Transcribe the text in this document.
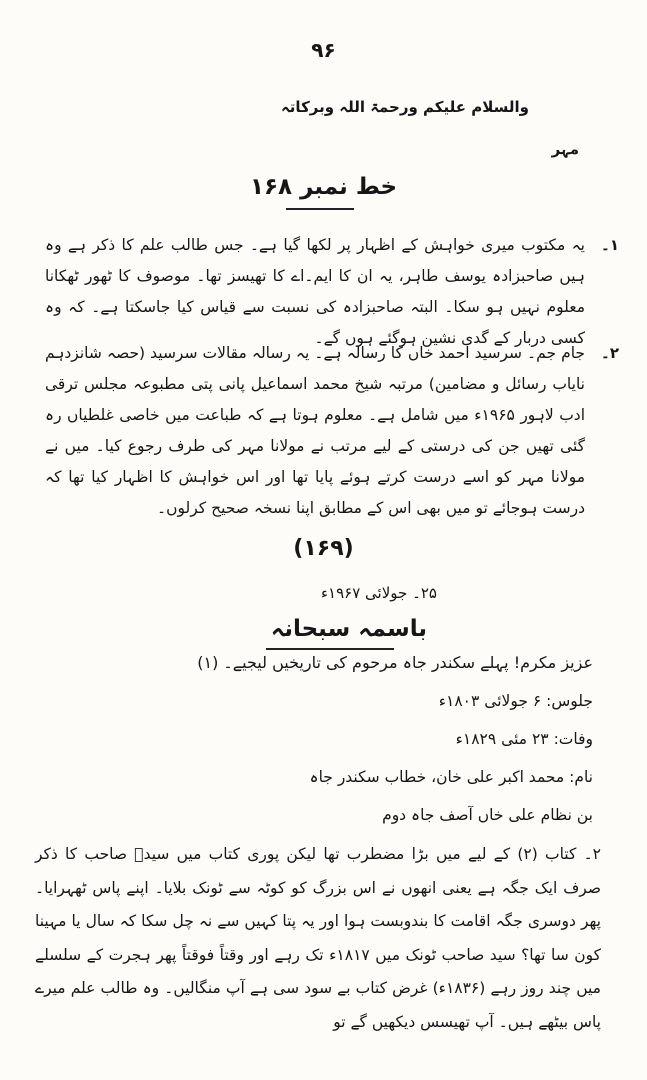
۹۶
والسلام علیکم ورحمۃ اللہ وبرکاتہ
مہر
خط نمبر ۱۶۸
۱۔
یہ مکتوب میری خواہش کے اظہار پر لکھا گیا ہے۔ جس طالب علم کا ذکر ہے وہ ہیں صاحبزادہ یوسف طاہر، یہ ان کا ایم۔اے کا تھیسز تھا۔ موصوف کا ٹھور ٹھکانا معلوم نہیں ہو سکا۔ البتہ صاحبزادہ کی نسبت سے قیاس کیا جاسکتا ہے۔ کہ وہ کسی دربار کے گدی نشین ہوگئے ہوں گے۔
۲۔
جام جم۔ سرسید احمد خاں کا رسالہ ہے۔ یہ رسالہ مقالات سرسید (حصہ شانزدہم نایاب رسائل و مضامین) مرتبہ شیخ محمد اسماعیل پانی پتی مطبوعہ مجلس ترقی ادب لاہور ۱۹۶۵ء میں شامل ہے۔ معلوم ہوتا ہے کہ طباعت میں خاصی غلطیاں رہ گئی تھیں جن کی درستی کے لیے مرتب نے مولانا مہر کی طرف رجوع کیا۔ میں نے مولانا مہر کو اسے درست کرتے ہوئے پایا تھا اور اس خواہش کا اظہار کیا تھا کہ درست ہوجائے تو میں بھی اس کے مطابق اپنا نسخہ صحیح کرلوں۔
(۱۶۹)
۲۵۔ جولائی ۱۹۶۷ء
باسمہ سبحانہ
عزیز مکرم! پہلے سکندر جاہ مرحوم کی تاریخیں لیجیے۔ (۱)
جلوس: ۶ جولائی ۱۸۰۳ء
وفات: ۲۳ مئی ۱۸۲۹ء
نام: محمد اکبر علی خان، خطاب سکندر جاہ
بن نظام علی خاں آصف جاہ دوم
۲۔ کتاب (۲) کے لیے میں بڑا مضطرب تھا لیکن پوری کتاب میں سیدؒ صاحب کا ذکر صرف ایک جگہ ہے یعنی انھوں نے اس بزرگ کو کوٹہ سے ٹونک بلایا۔ اپنے پاس ٹھہرایا۔ پھر دوسری جگہ اقامت کا بندوبست ہوا اور یہ پتا کہیں سے نہ چل سکا کہ سال یا مہینا کون سا تھا؟ سید صاحب ٹونک میں ۱۸۱۷ء تک رہے اور وقتاً فوقتاً پھر ہجرت کے سلسلے میں چند روز رہے (۱۸۳۶ء) غرض کتاب بے سود سی ہے آپ منگالیں۔ وہ طالب علم میرے پاس بیٹھے ہیں۔ آپ تھیسس دیکھیں گے تو
